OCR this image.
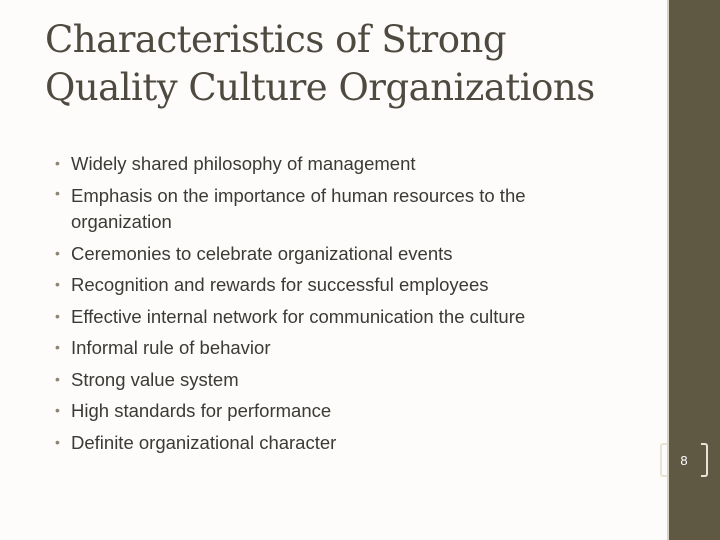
Characteristics of Strong Quality Culture Organizations
• Widely shared philosophy of management
• Emphasis on the importance of human resources to the organization
• Ceremonies to celebrate organizational events
• Recognition and rewards for successful employees
• Effective internal network for communication the culture
• Informal rule of behavior
• Strong value system
• High standards for performance
• Definite organizational character
8
